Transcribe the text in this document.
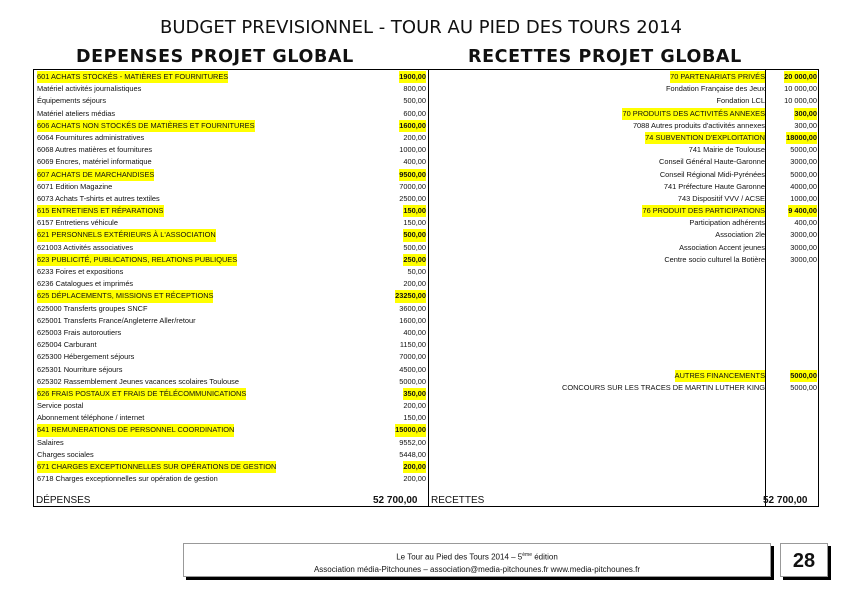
BUDGET PREVISIONNEL - TOUR AU PIED DES TOURS 2014
DEPENSES PROJET GLOBAL	RECETTES PROJET GLOBAL
601 ACHATS STOCKÉS - MATIÈRES ET FOURNITURES	1900,00
Matériel activités journalistiques	800,00
Équipements séjours	500,00
Matériel ateliers médias	600,00
606 ACHATS NON STOCKÉS DE MATIÈRES ET FOURNITURES	1600,00
6064 Fournitures administratives	200,00
6068 Autres matières et fournitures	1000,00
6069 Encres, matériel informatique	400,00
607 ACHATS DE MARCHANDISES	9500,00
6071 Edition Magazine	7000,00
6073 Achats T-shirts et autres textiles	2500,00
615 ENTRETIENS ET RÉPARATIONS	150,00
6157 Entretiens véhicule	150,00
621 PERSONNELS EXTÉRIEURS À L'ASSOCIATION	500,00
621003 Activités associatives	500,00
623 PUBLICITÉ, PUBLICATIONS, RELATIONS PUBLIQUES	250,00
6233 Foires et expositions	50,00
6236 Catalogues et imprimés	200,00
625 DÉPLACEMENTS, MISSIONS ET RÉCEPTIONS	23250,00
625000 Transferts groupes SNCF	3600,00
625001 Transferts France/Angleterre Aller/retour	1600,00
625003 Frais autoroutiers	400,00
625004 Carburant	1150,00
625300 Hébergement séjours	7000,00
625301 Nourriture séjours	4500,00
625302 Rassemblement Jeunes vacances scolaires Toulouse	5000,00
626 FRAIS POSTAUX ET FRAIS DE TÉLÉCOMMUNICATIONS	350,00
Service postal	200,00
Abonnement téléphone / internet	150,00
641 REMUNERATIONS DE PERSONNEL COORDINATION	15000,00
Salaires	9552,00
Charges sociales	5448,00
671 CHARGES EXCEPTIONNELLES SUR OPÉRATIONS DE GESTION	200,00
6718 Charges exceptionnelles sur opération de gestion	200,00
70 PARTENARIATS PRIVÉS	20 000,00
Fondation Française des Jeux	10 000,00
Fondation LCL	10 000,00
70 PRODUITS DES ACTIVITÉS ANNEXES	300,00
7088 Autres produits d'activités annexes	300,00
74 SUBVENTION D'EXPLOITATION	18000,00
741 Mairie de Toulouse	5000,00
Conseil Général Haute-Garonne	3000,00
Conseil Régional Midi-Pyrénées	5000,00
741 Préfecture Haute Garonne	4000,00
743 Dispositif VVV / ACSE	1000,00
76 PRODUIT DES PARTICIPATIONS	9 400,00
Participation adhérents	400,00
Association 2le	3000,00
Association Accent jeunes	3000,00
Centre socio culturel la Botière	3000,00
AUTRES FINANCEMENTS	5000,00
CONCOURS SUR LES TRACES DE MARTIN LUTHER KING	5000,00
DÉPENSES	52 700,00 RECETTES	52 700,00
Le Tour au Pied des Tours 2014 – 5ème édition
Association média-Pitchounes – association@media-pitchounes.fr www.media-pitchounes.fr	28
